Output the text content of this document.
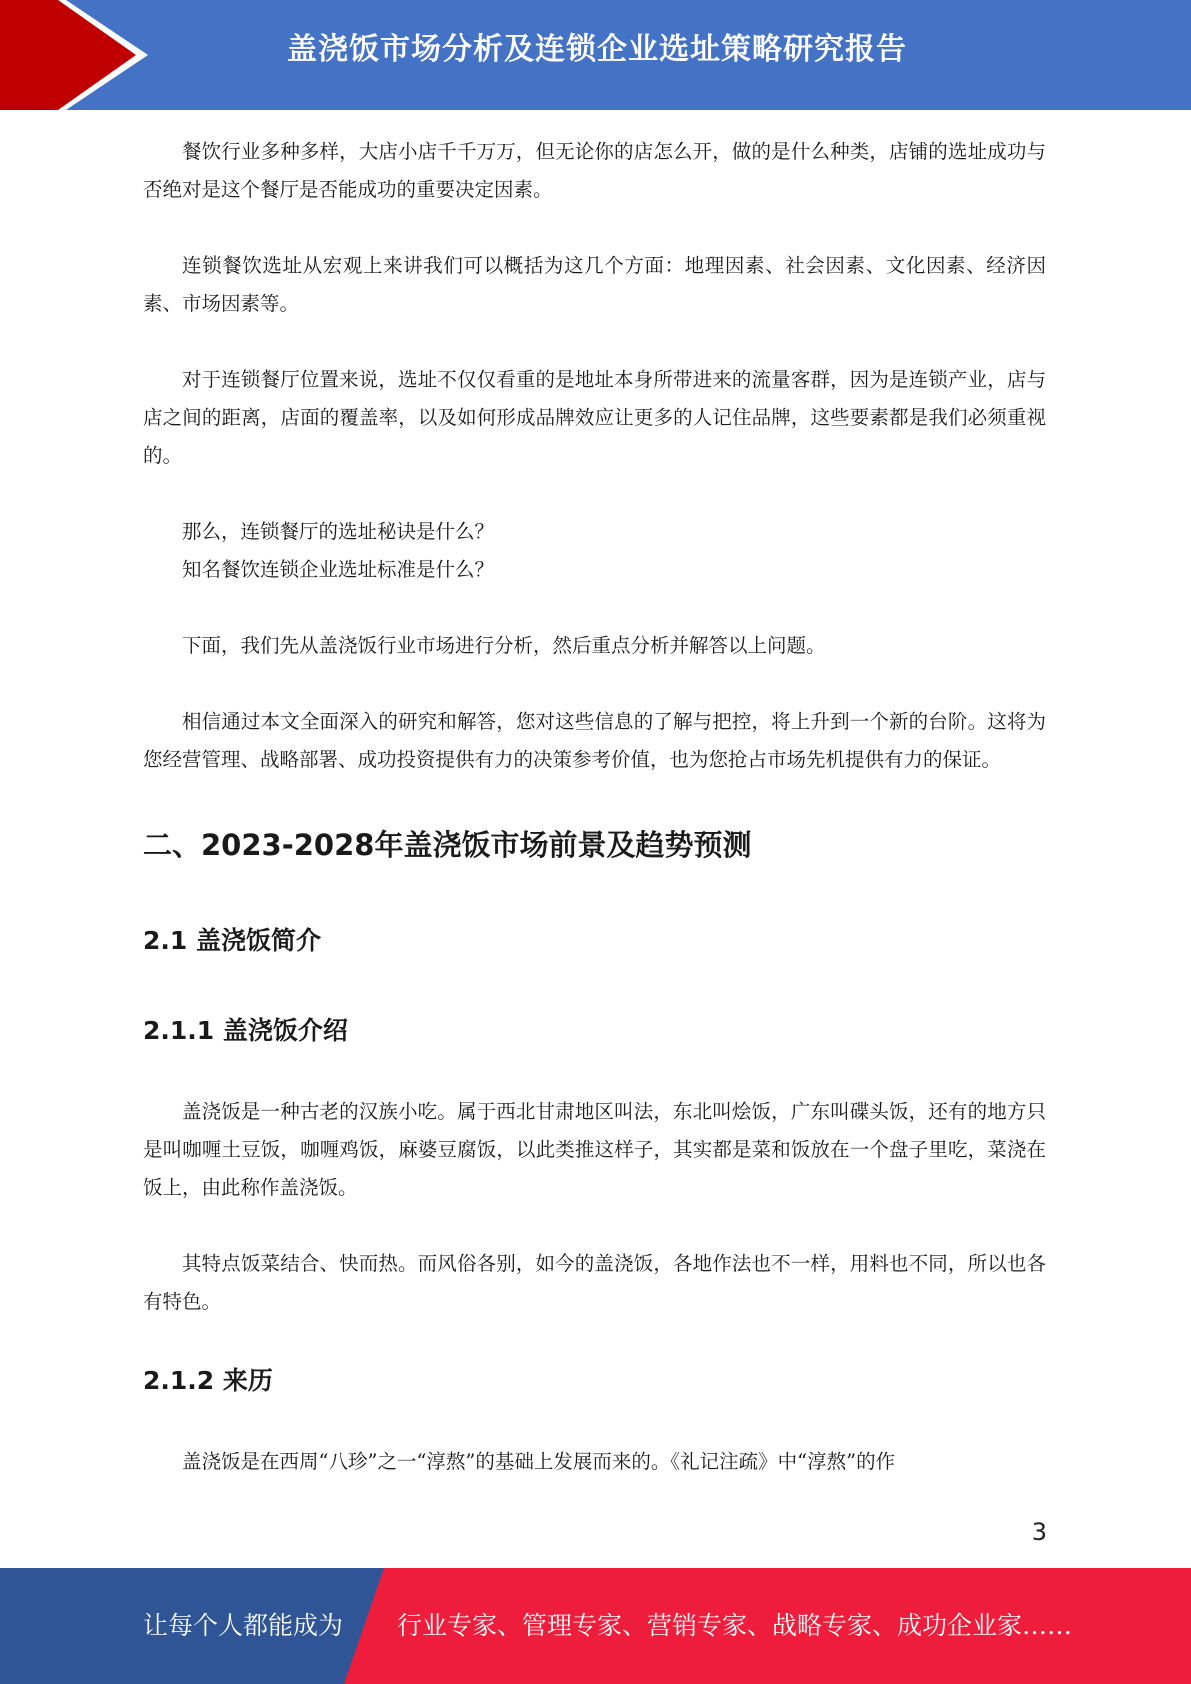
盖浇饭市场分析及连锁企业选址策略研究报告

餐饮行业多种多样，大店小店千千万万，但无论你的店怎么开，做的是什么种类，店铺的选址成功与否绝对是这个餐厅是否能成功的重要决定因素。

连锁餐饮选址从宏观上来讲我们可以概括为这几个方面：地理因素、社会因素、文化因素、经济因素、市场因素等。

对于连锁餐厅位置来说，选址不仅仅看重的是地址本身所带进来的流量客群，因为是连锁产业，店与店之间的距离，店面的覆盖率，以及如何形成品牌效应让更多的人记住品牌，这些要素都是我们必须重视的。

那么，连锁餐厅的选址秘诀是什么？

知名餐饮连锁企业选址标准是什么？

下面，我们先从盖浇饭行业市场进行分析，然后重点分析并解答以上问题。

相信通过本文全面深入的研究和解答，您对这些信息的了解与把控，将上升到一个新的台阶。这将为您经营管理、战略部署、成功投资提供有力的决策参考价值，也为您抢占市场先机提供有力的保证。

二、2023-2028年盖浇饭市场前景及趋势预测
2.1 盖浇饭简介
2.1.1 盖浇饭介绍

盖浇饭是一种古老的汉族小吃。属于西北甘肃地区叫法，东北叫烩饭，广东叫碟头饭，还有的地方只是叫咖喱土豆饭，咖喱鸡饭，麻婆豆腐饭，以此类推这样子，其实都是菜和饭放在一个盘子里吃，菜浇在饭上，由此称作盖浇饭。

其特点饭菜结合、快而热。而风俗各别，如今的盖浇饭，各地作法也不一样，用料也不同，所以也各有特色。

2.1.2 来历

盖浇饭是在西周“八珍”之一“淳熬”的基础上发展而来的。《礼记注疏》中“淳熬”的作

3
让每个人都能成为 行业专家、管理专家、营销专家、战略专家、成功企业家……
